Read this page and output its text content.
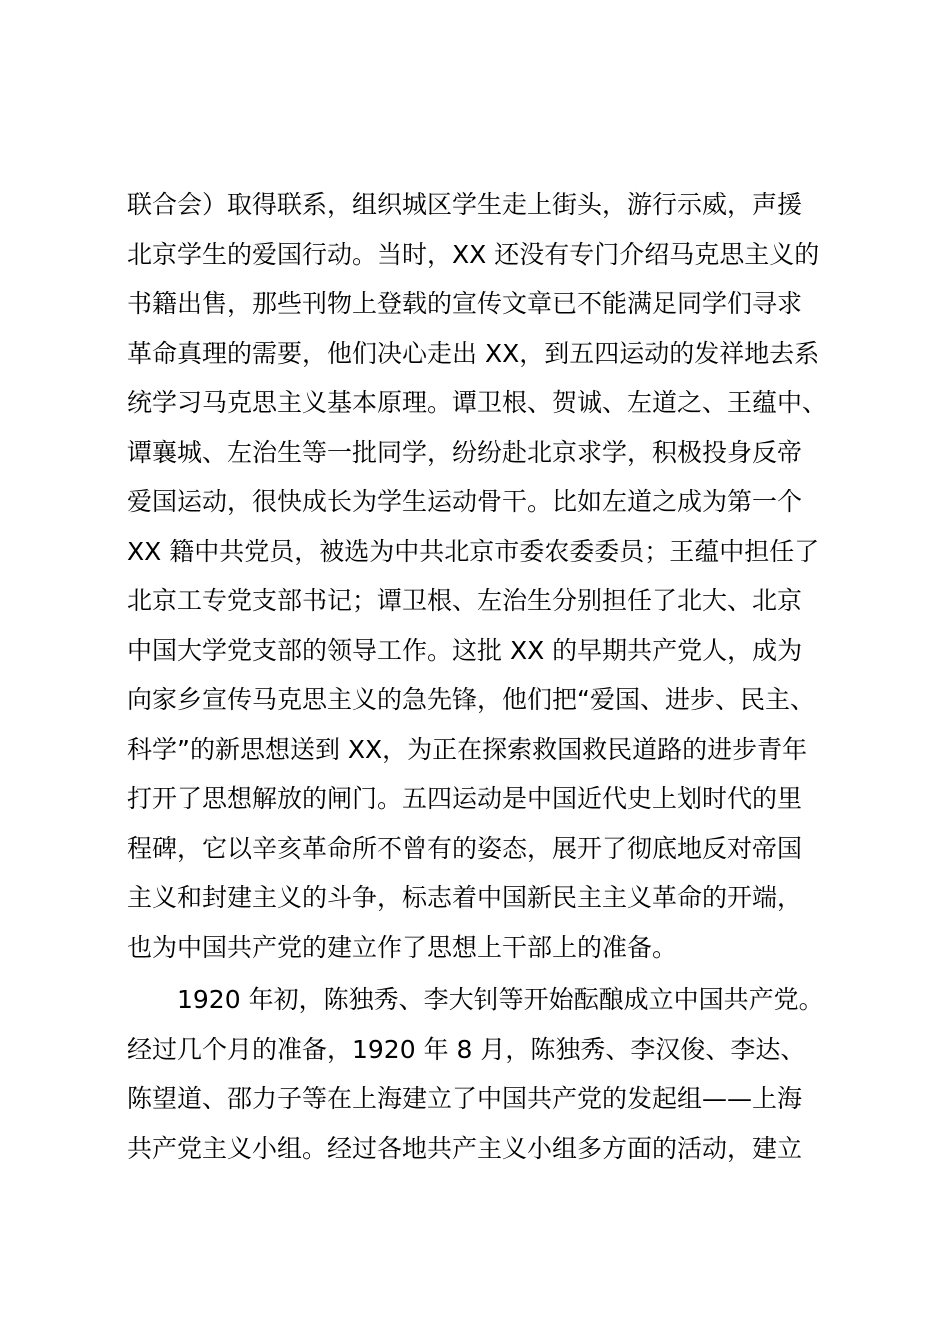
联合会）取得联系，组织城区学生走上街头，游行示威，声援
北京学生的爱国行动。当时，XX 还没有专门介绍马克思主义的
书籍出售，那些刊物上登载的宣传文章已不能满足同学们寻求
革命真理的需要，他们决心走出 XX，到五四运动的发祥地去系
统学习马克思主义基本原理。谭卫根、贺诚、左道之、王蕴中、
谭襄城、左治生等一批同学，纷纷赴北京求学，积极投身反帝
爱国运动，很快成长为学生运动骨干。比如左道之成为第一个
XX 籍中共党员，被选为中共北京市委农委委员；王蕴中担任了
北京工专党支部书记；谭卫根、左治生分别担任了北大、北京
中国大学党支部的领导工作。这批 XX 的早期共产党人，成为
向家乡宣传马克思主义的急先锋，他们把“爱国、进步、民主、
科学”的新思想送到 XX，为正在探索救国救民道路的进步青年
打开了思想解放的闸门。五四运动是中国近代史上划时代的里
程碑，它以辛亥革命所不曾有的姿态，展开了彻底地反对帝国
主义和封建主义的斗争，标志着中国新民主主义革命的开端，
也为中国共产党的建立作了思想上干部上的准备。
1920 年初，陈独秀、李大钊等开始酝酿成立中国共产党。
经过几个月的准备，1920 年 8 月，陈独秀、李汉俊、李达、
陈望道、邵力子等在上海建立了中国共产党的发起组——上海
共产党主义小组。经过各地共产主义小组多方面的活动，建立
